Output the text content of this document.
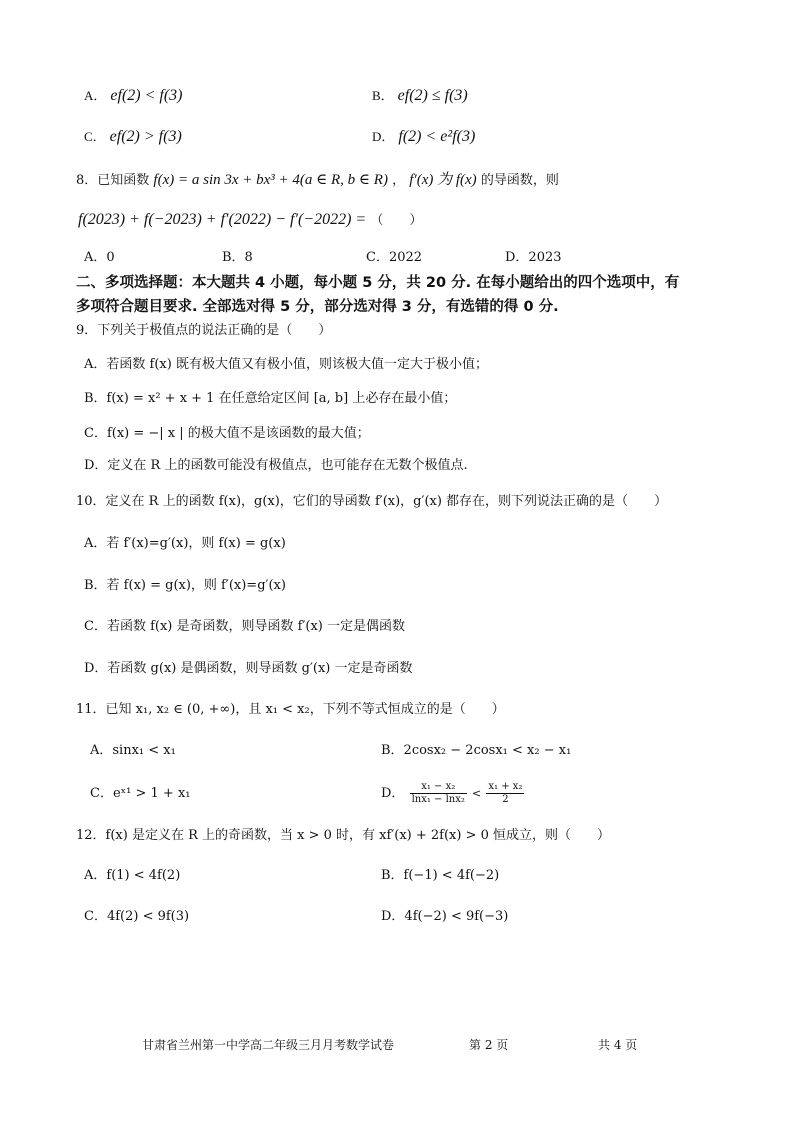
A． ef(2) < f(3)	B． ef(2) ≤ f(3)
C． ef(2) > f(3)	D． f(2) < e²f(3)
8．已知函数 f(x) = a sin 3x + bx³ + 4(a ∈ R, b ∈ R) ， f′(x) 为 f(x) 的导函数，则
f(2023) + f(−2023) + f′(2022) − f′(−2022) = （　　）
A．0	B．8	C．2022	D．2023
二、多项选择题：本大题共 4 小题，每小题 5 分，共 20 分. 在每小题给出的四个选项中，有
多项符合题目要求. 全部选对得 5 分，部分选对得 3 分，有选错的得 0 分.
9．下列关于极值点的说法正确的是（　　）
A．若函数 f(x) 既有极大值又有极小值，则该极大值一定大于极小值；
B．f(x) = x² + x + 1 在任意给定区间 [a, b] 上必存在最小值；
C．f(x) = −| x | 的极大值不是该函数的最大值；
D．定义在 R 上的函数可能没有极值点，也可能存在无数个极值点.
10．定义在 R 上的函数 f(x)，g(x)，它们的导函数 f′(x)，g′(x) 都存在，则下列说法正确的是（　　）
A．若 f′(x)=g′(x)，则 f(x) = g(x)
B．若 f(x) = g(x)，则 f′(x)=g′(x)
C．若函数 f(x) 是奇函数，则导函数 f′(x) 一定是偶函数
D．若函数 g(x) 是偶函数，则导函数 g′(x) 一定是奇函数
11．已知 x₁, x₂ ∈ (0, +∞)，且 x₁ < x₂，下列不等式恒成立的是（　　）
A．sinx₁ < x₁	B．2cosx₂ − 2cosx₁ < x₂ − x₁
C．eˣ¹ > 1 + x₁	D． $\frac{\text{x₁ − x₂}}{\text{lnx₁ − lnx₂}} < \frac{\text{x₁ + x₂}}{2}$
12．f(x) 是定义在 R 上的奇函数，当 x > 0 时，有 xf′(x) + 2f(x) > 0 恒成立，则（　　）
A．f(1) < 4f(2)	B．f(−1) < 4f(−2)
C．4f(2) < 9f(3)	D．4f(−2) < 9f(−3)
甘肃省兰州第一中学高二年级三月月考数学试卷	第 2 页	共 4 页
